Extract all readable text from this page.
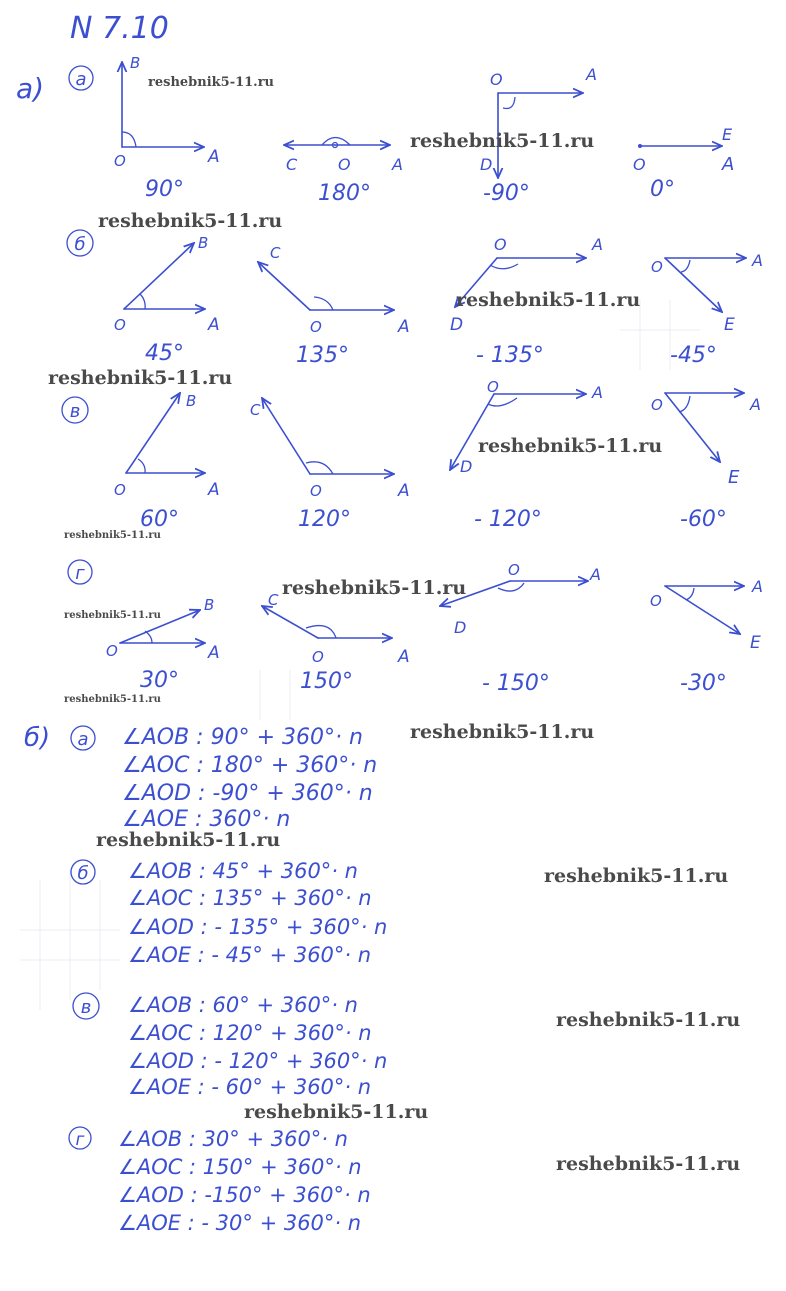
N 7.10
a) а
B
O	A
90°
C	O	A
180°
O	A
D
-90°
O
E
A
0°
б	B
O	A
45°
C
O	A
135°
O	A
D
- 135°
O	A
E
-45°
в	B
O	A
60°
C
O	A
120°
O	A
D
- 120°
O	A
E
-60°
г
B
O	A
30°
C
O	A
150°
O	A
D
- 150°
O
A
E
-30°
б) а ∠AOB : 90° + 360°· n
∠AOC : 180° + 360°· n
∠AOD : -90° + 360°· n
∠AOE : 360°· n
б ∠AOB : 45° + 360°· n
∠AOC : 135° + 360°· n
∠AOD : - 135° + 360°· n
∠AOE : - 45° + 360°· n
в ∠AOB : 60° + 360°· n
∠AOC : 120° + 360°· n
∠AOD : - 120° + 360°· n
∠AOE : - 60° + 360°· n
г ∠AOB : 30° + 360°· n
∠AOC : 150° + 360°· n
∠AOD : -150° + 360°· n
∠AOE : - 30° + 360°· n
reshebnik5-11.ru
reshebnik5-11.ru
reshebnik5-11.ru
reshebnik5-11.ru
reshebnik5-11.ru
reshebnik5-11.ru
reshebnik5-11.ru
reshebnik5-11.ru
reshebnik5-11.ru
reshebnik5-11.ru
reshebnik5-11.ru
reshebnik5-11.ru
reshebnik5-11.ru
reshebnik5-11.ru
reshebnik5-11.ru
reshebnik5-11.ru
